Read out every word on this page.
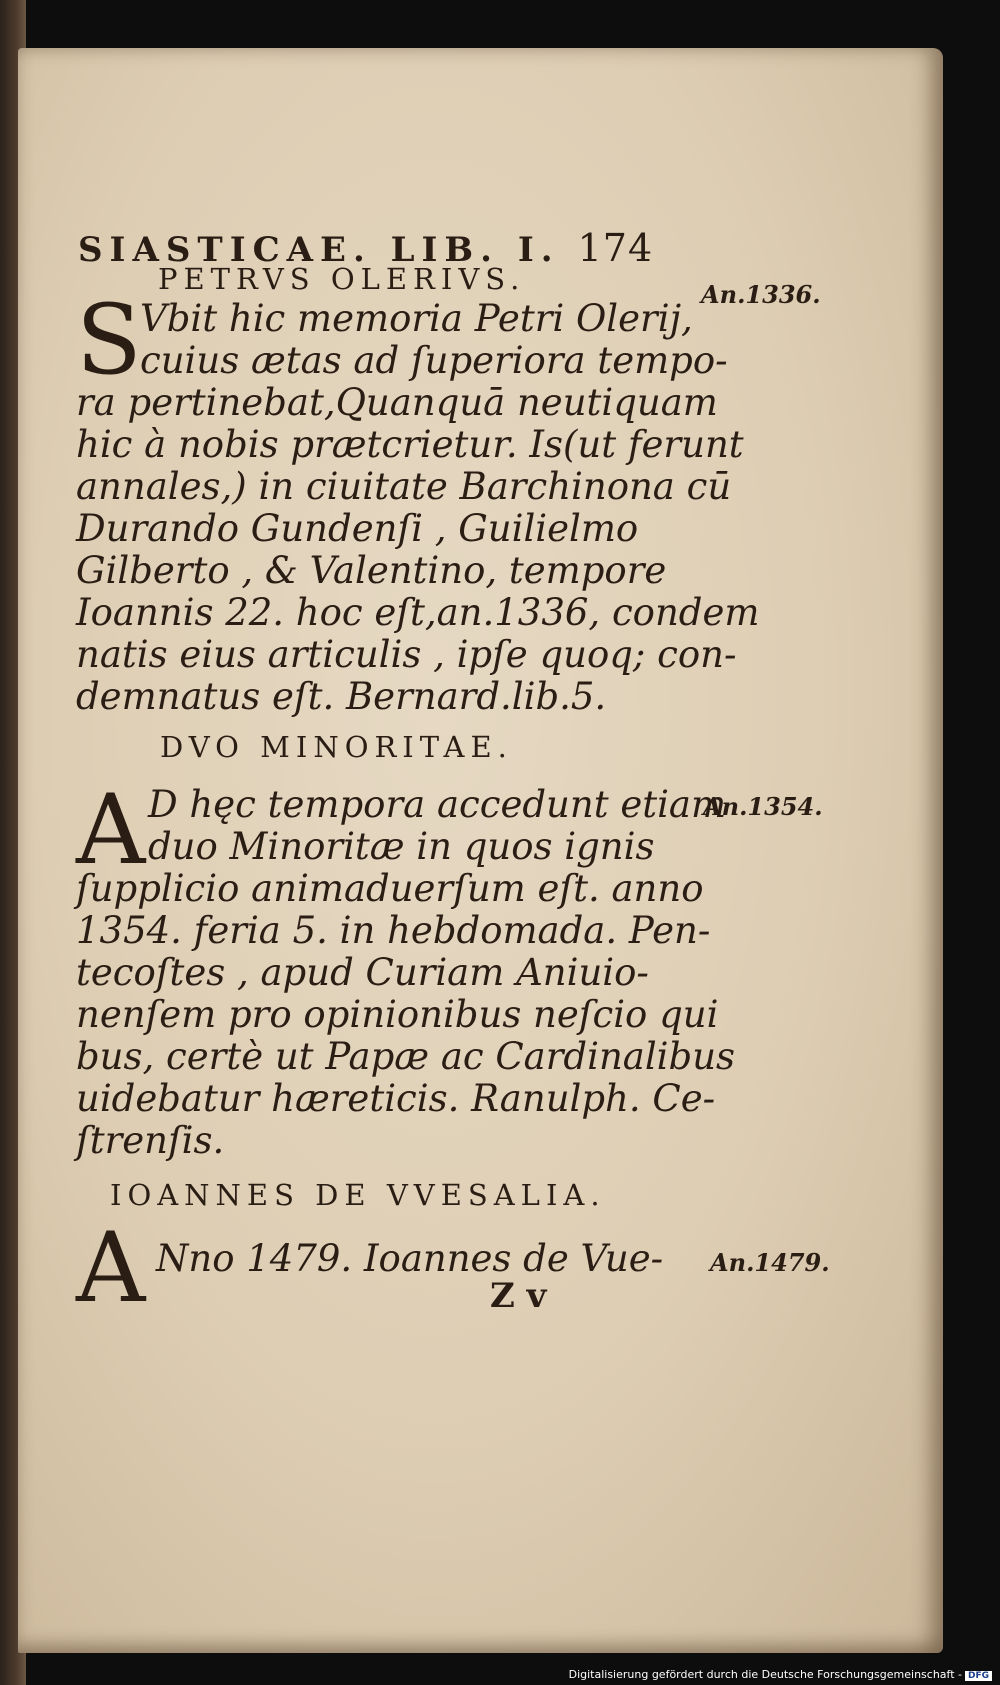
SIASTICAE. LIB. I. 174
PETRVS OLERIVS.	An.1336.
S
Vbit hic memoria Petri Olerij,
cuius ætas ad ſuperiora tempo-
ra pertinebat,Quanquā neutiquam
hic à nobis prætcrietur. Is(ut ferunt
annales,) in ciuitate Barchinona cū
Durando Gundenſi , Guilielmo
Gilberto , & Valentino, tempore
Ioannis 22. hoc eſt,an.1336, condem
natis eius articulis , ipſe quoq; con-
demnatus eſt. Bernard.lib.5.
DVO MINORITAE.
An.1354.
A D hęc tempora accedunt etiam
duo Minoritæ in quos ignis
ſupplicio animaduerſum eſt. anno
1354. feria 5. in hebdomada. Pen-
tecoſtes , apud Curiam Aniuio-
nenſem pro opinionibus neſcio qui
bus, certè ut Papæ ac Cardinalibus
uidebatur hæreticis. Ranulph. Ce-
ſtrenſis.
IOANNES DE VVESALIA.
An.1479.
A Nno 1479. Ioannes de Vue-
Z v
Digitalisierung gefördert durch die Deutsche Forschungsgemeinschaft - DFG
